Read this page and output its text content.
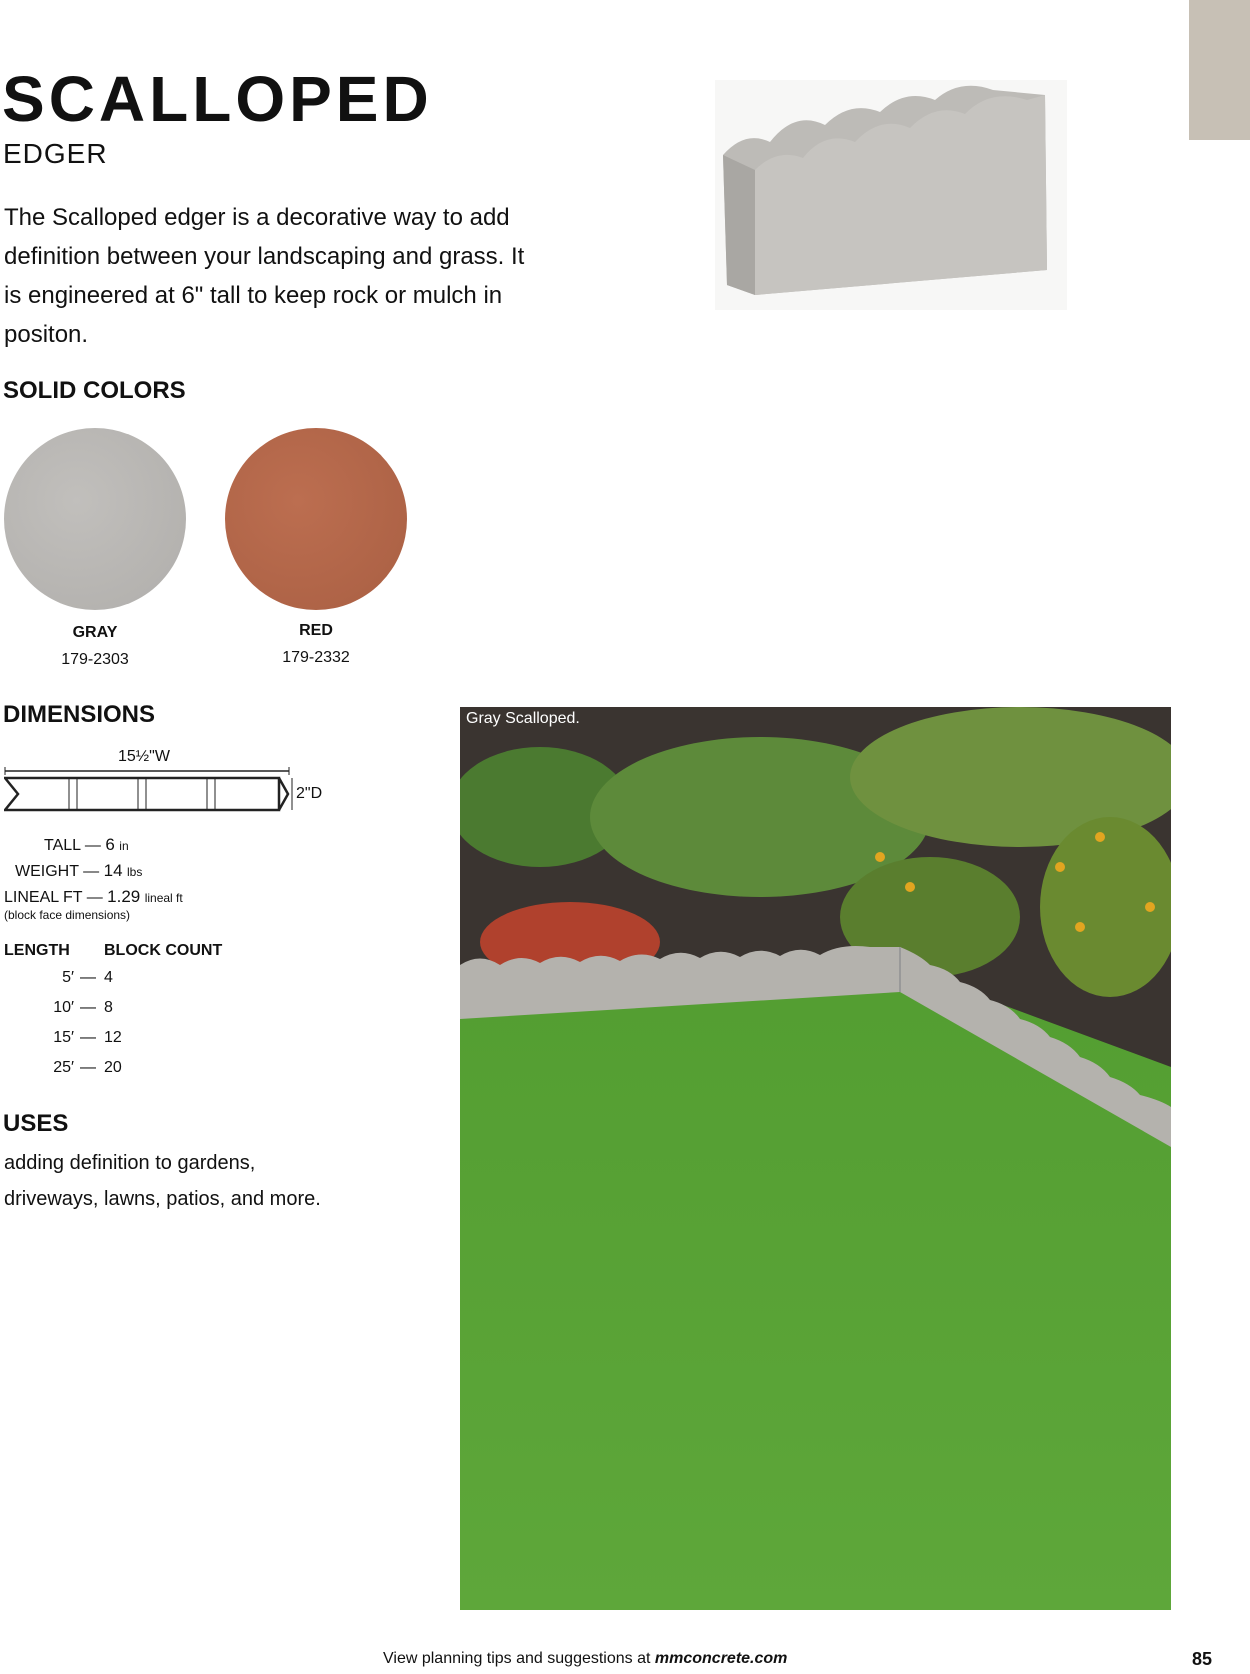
SCALLOPED
EDGER
The Scalloped edger is a decorative way to add definition between your landscaping and grass. It is engineered at 6" tall to keep rock or mulch in positon.
SOLID COLORS
GRAY
179-2303
RED
179-2332
DIMENSIONS
15½"W
2"D
TALL — 6 in
WEIGHT — 14 lbs
LINEAL FT — 1.29 lineal ft
(block face dimensions)
LENGTH BLOCK COUNT
5′ — 4
10′ — 8
15′ — 12
25′ — 20
USES
adding definition to gardens, driveways, lawns, patios, and more.
Gray Scalloped.
View planning tips and suggestions at mmconcrete.com	85
